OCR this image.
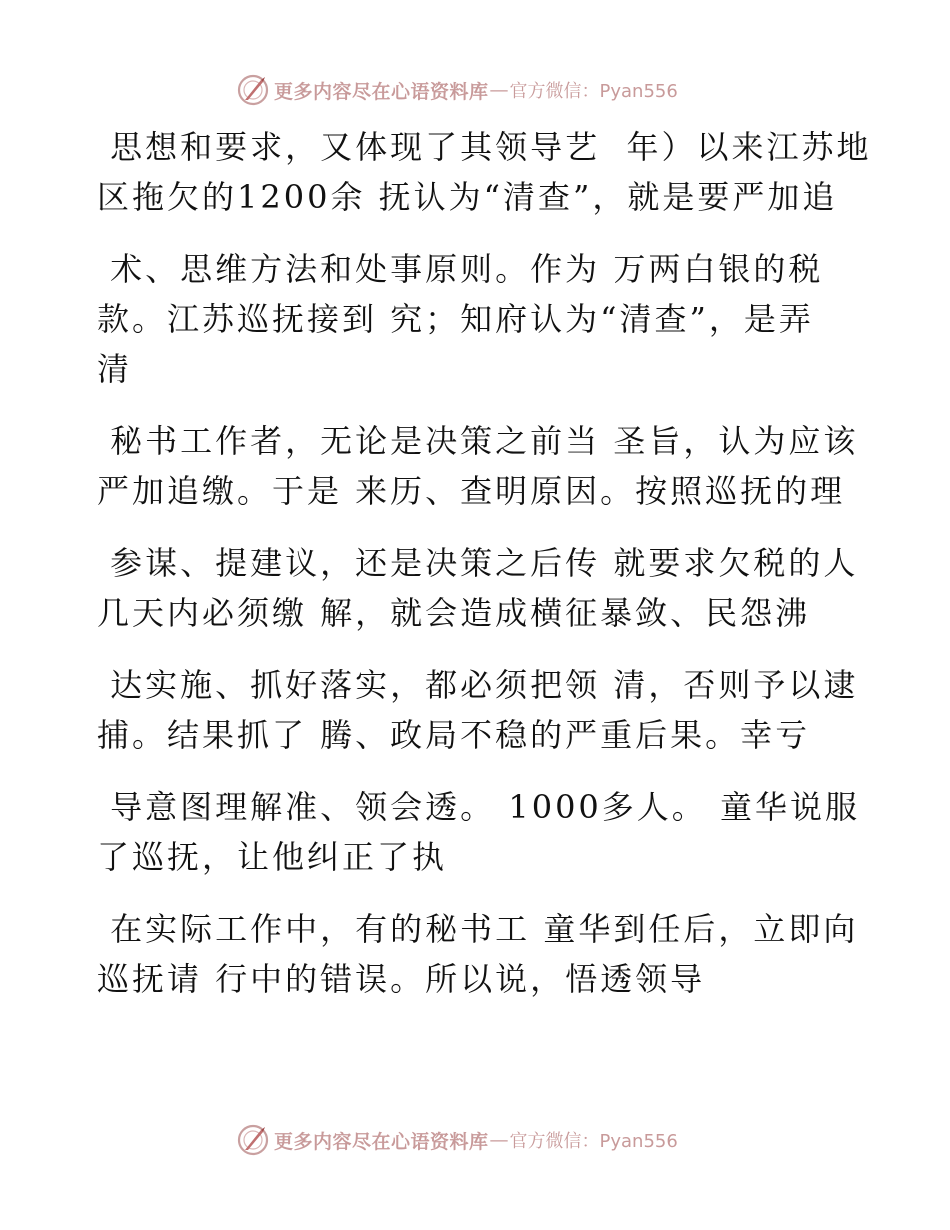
更多内容尽在心语资料库 — 官方微信：Pyan556

思想和要求，又体现了其领导艺  年）以来江苏地

区拖欠的1200余 抚认为“清查”，就是要严加追

术、思维方法和处事原则。作为 万两白银的税

款。江苏巡抚接到 究；知府认为“清查”，是弄

清

秘书工作者，无论是决策之前当 圣旨，认为应该

严加追缴。于是 来历、查明原因。按照巡抚的理

参谋、提建议，还是决策之后传 就要求欠税的人

几天内必须缴 解，就会造成横征暴敛、民怨沸

达实施、抓好落实，都必须把领 清，否则予以逮

捕。结果抓了 腾、政局不稳的严重后果。幸亏

导意图理解准、领会透。 1000多人。 童华说服

了巡抚，让他纠正了执

在实际工作中，有的秘书工 童华到任后，立即向

巡抚请 行中的错误。所以说，悟透领导

更多内容尽在心语资料库 — 官方微信：Pyan556
